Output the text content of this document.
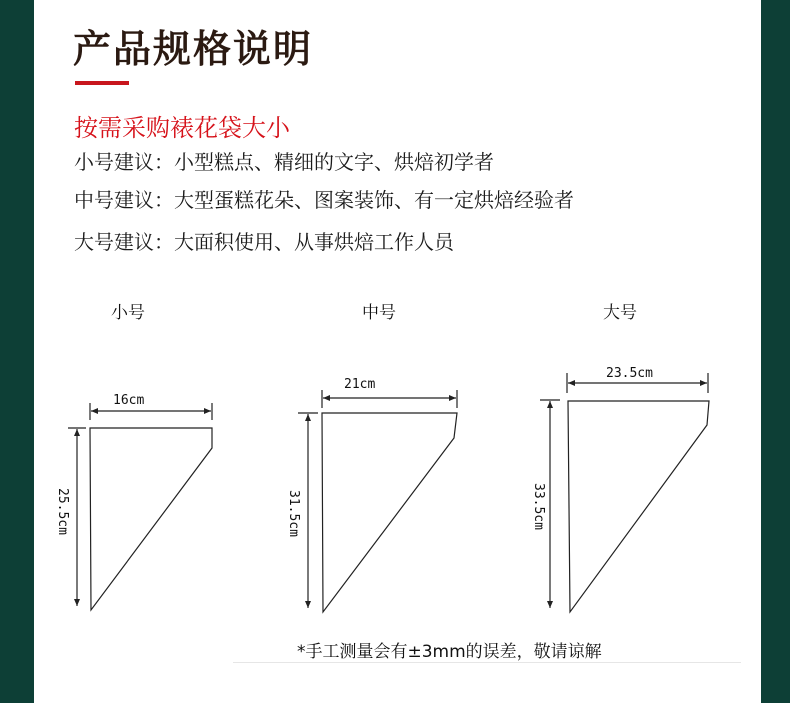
产品规格说明
按需采购裱花袋大小
小号建议：小型糕点、精细的文字、烘焙初学者
中号建议：大型蛋糕花朵、图案装饰、有一定烘焙经验者
大号建议：大面积使用、从事烘焙工作人员
小号	中号	大号
16cm
25.5cm
21cm
31.5cm
23.5cm
33.5cm
*手工测量会有±3mm的误差，敬请谅解
